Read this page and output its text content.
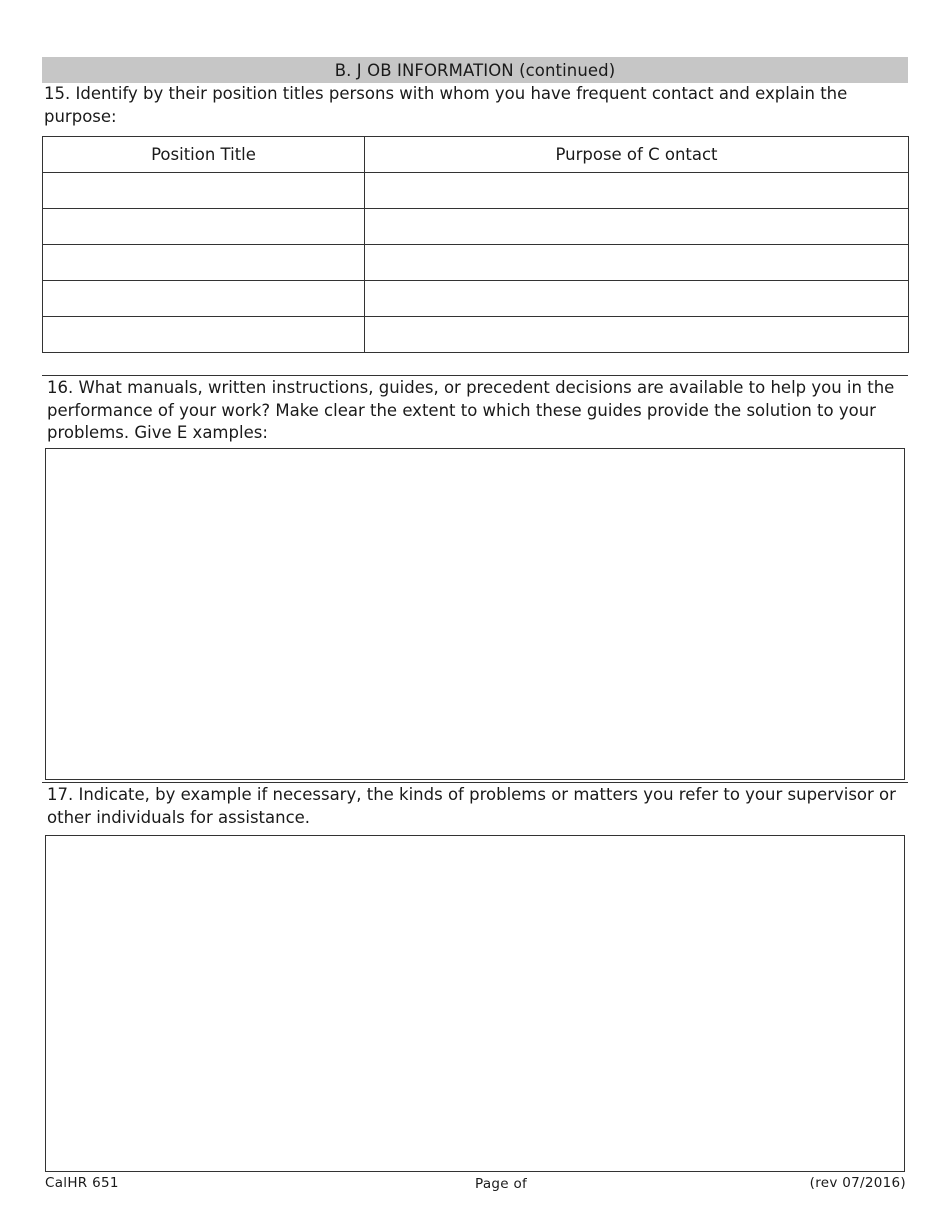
B. J OB INFORMATION (continued)
15. Identify by their position titles persons with whom you have frequent contact and explain the purpose:
Position Title	Purpose of C ontact

16. What manuals, written instructions, guides, or precedent decisions are available to help you in the performance of your work? Make clear the extent to which these guides provide the solution to your problems. Give E xamples:
17. Indicate, by example if necessary, the kinds of problems or matters you refer to your supervisor or other individuals for assistance.
CalHR 651	Page of	(rev 07/2016)
